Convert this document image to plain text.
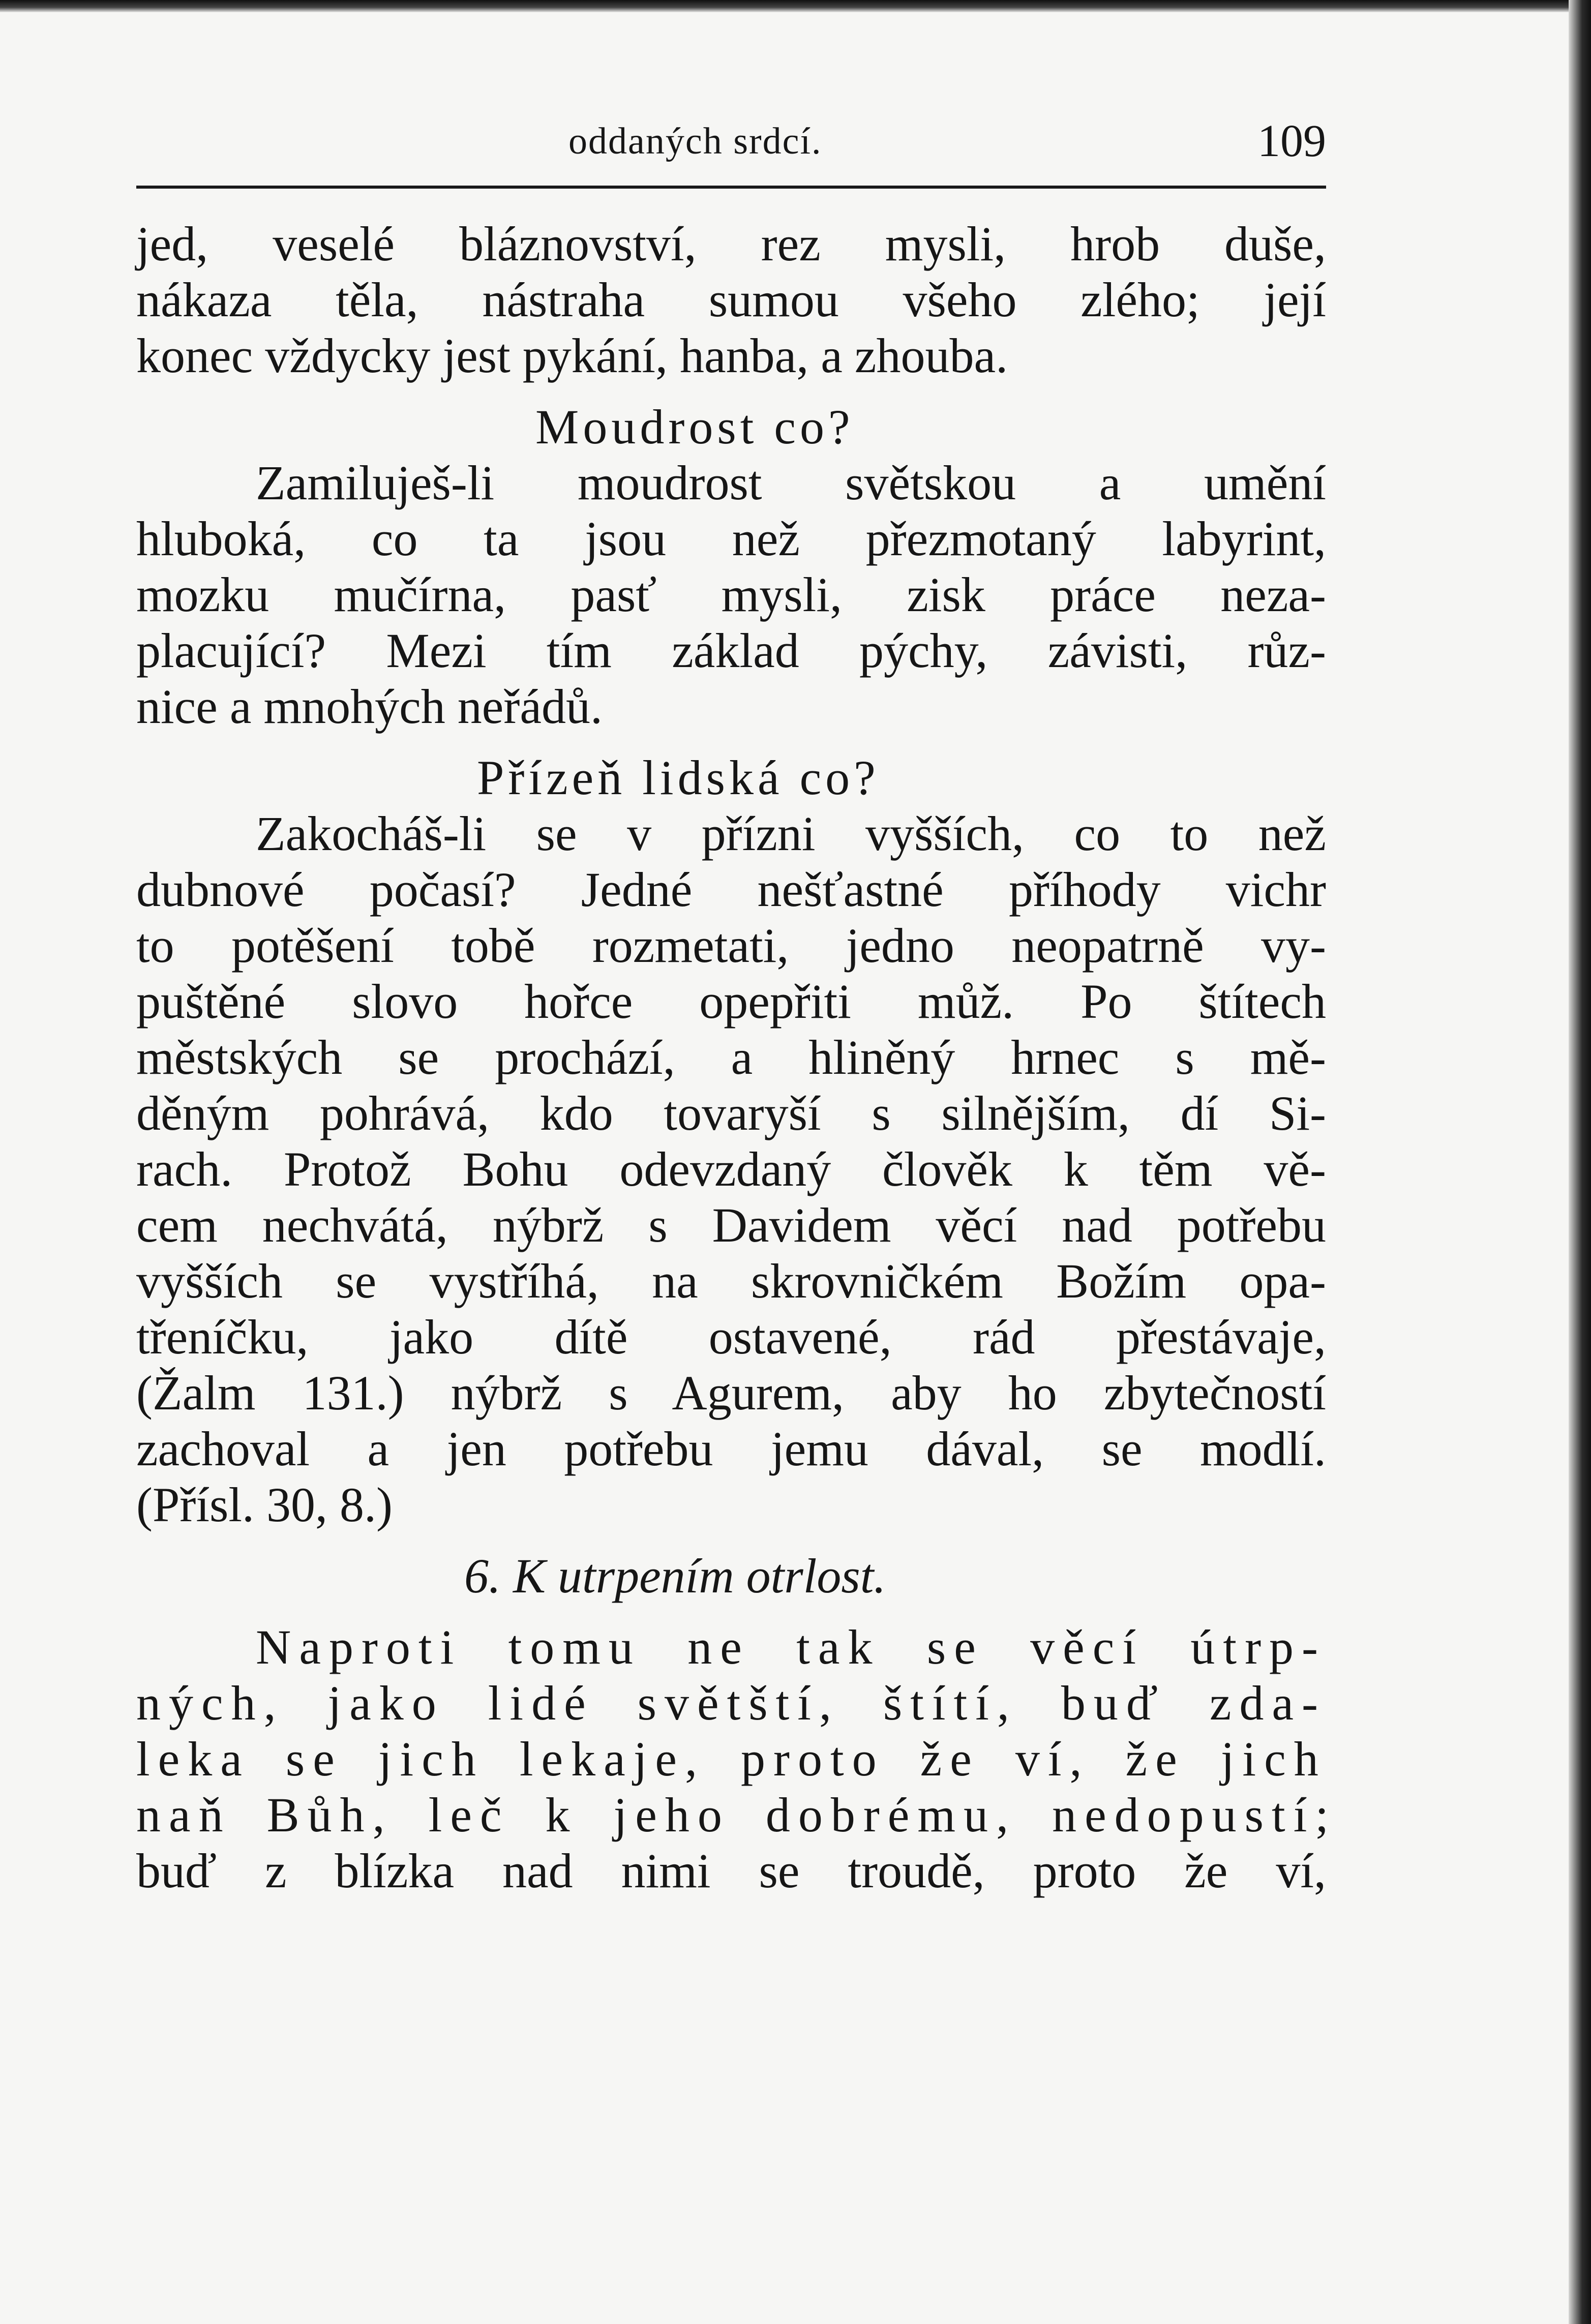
oddaných srdcí.	109
jed, veselé bláznovství, rez mysli, hrob duše,
nákaza těla, nástraha sumou všeho zlého; její
konec vždycky jest pykání, hanba, a zhouba.
Moudrost co?
Zamiluješ-li moudrost světskou a umění
hluboká, co ta jsou než přezmotaný labyrint,
mozku mučírna, pasť mysli, zisk práce neza-
placující? Mezi tím základ pýchy, závisti, růz-
nice a mnohých neřádů.
Přízeň lidská co?
Zakocháš-li se v přízni vyšších, co to než
dubnové počasí? Jedné nešťastné příhody vichr
to potěšení tobě rozmetati, jedno neopatrně vy-
puštěné slovo hořce opepřiti můž. Po štítech
městských se prochází, a hliněný hrnec s mě-
děným pohrává, kdo tovaryší s silnějším, dí Si-
rach. Protož Bohu odevzdaný člověk k těm vě-
cem nechvátá, nýbrž s Davidem věcí nad potřebu
vyšších se vystříhá, na skrovničkém Božím opa-
třeníčku, jako dítě ostavené, rád přestávaje,
(Žalm 131.) nýbrž s Agurem, aby ho zbytečností
zachoval a jen potřebu jemu dával, se modlí.
(Přísl. 30, 8.)
6. K utrpením otrlost.
Naproti tomu ne tak se věcí útrp-
ných, jako lidé světští, štítí, buď zda-
leka se jich lekaje, proto že ví, že jich
naň Bůh, leč k jeho dobrému, nedopustí;
buď z blízka nad nimi se troudě, proto že ví,
